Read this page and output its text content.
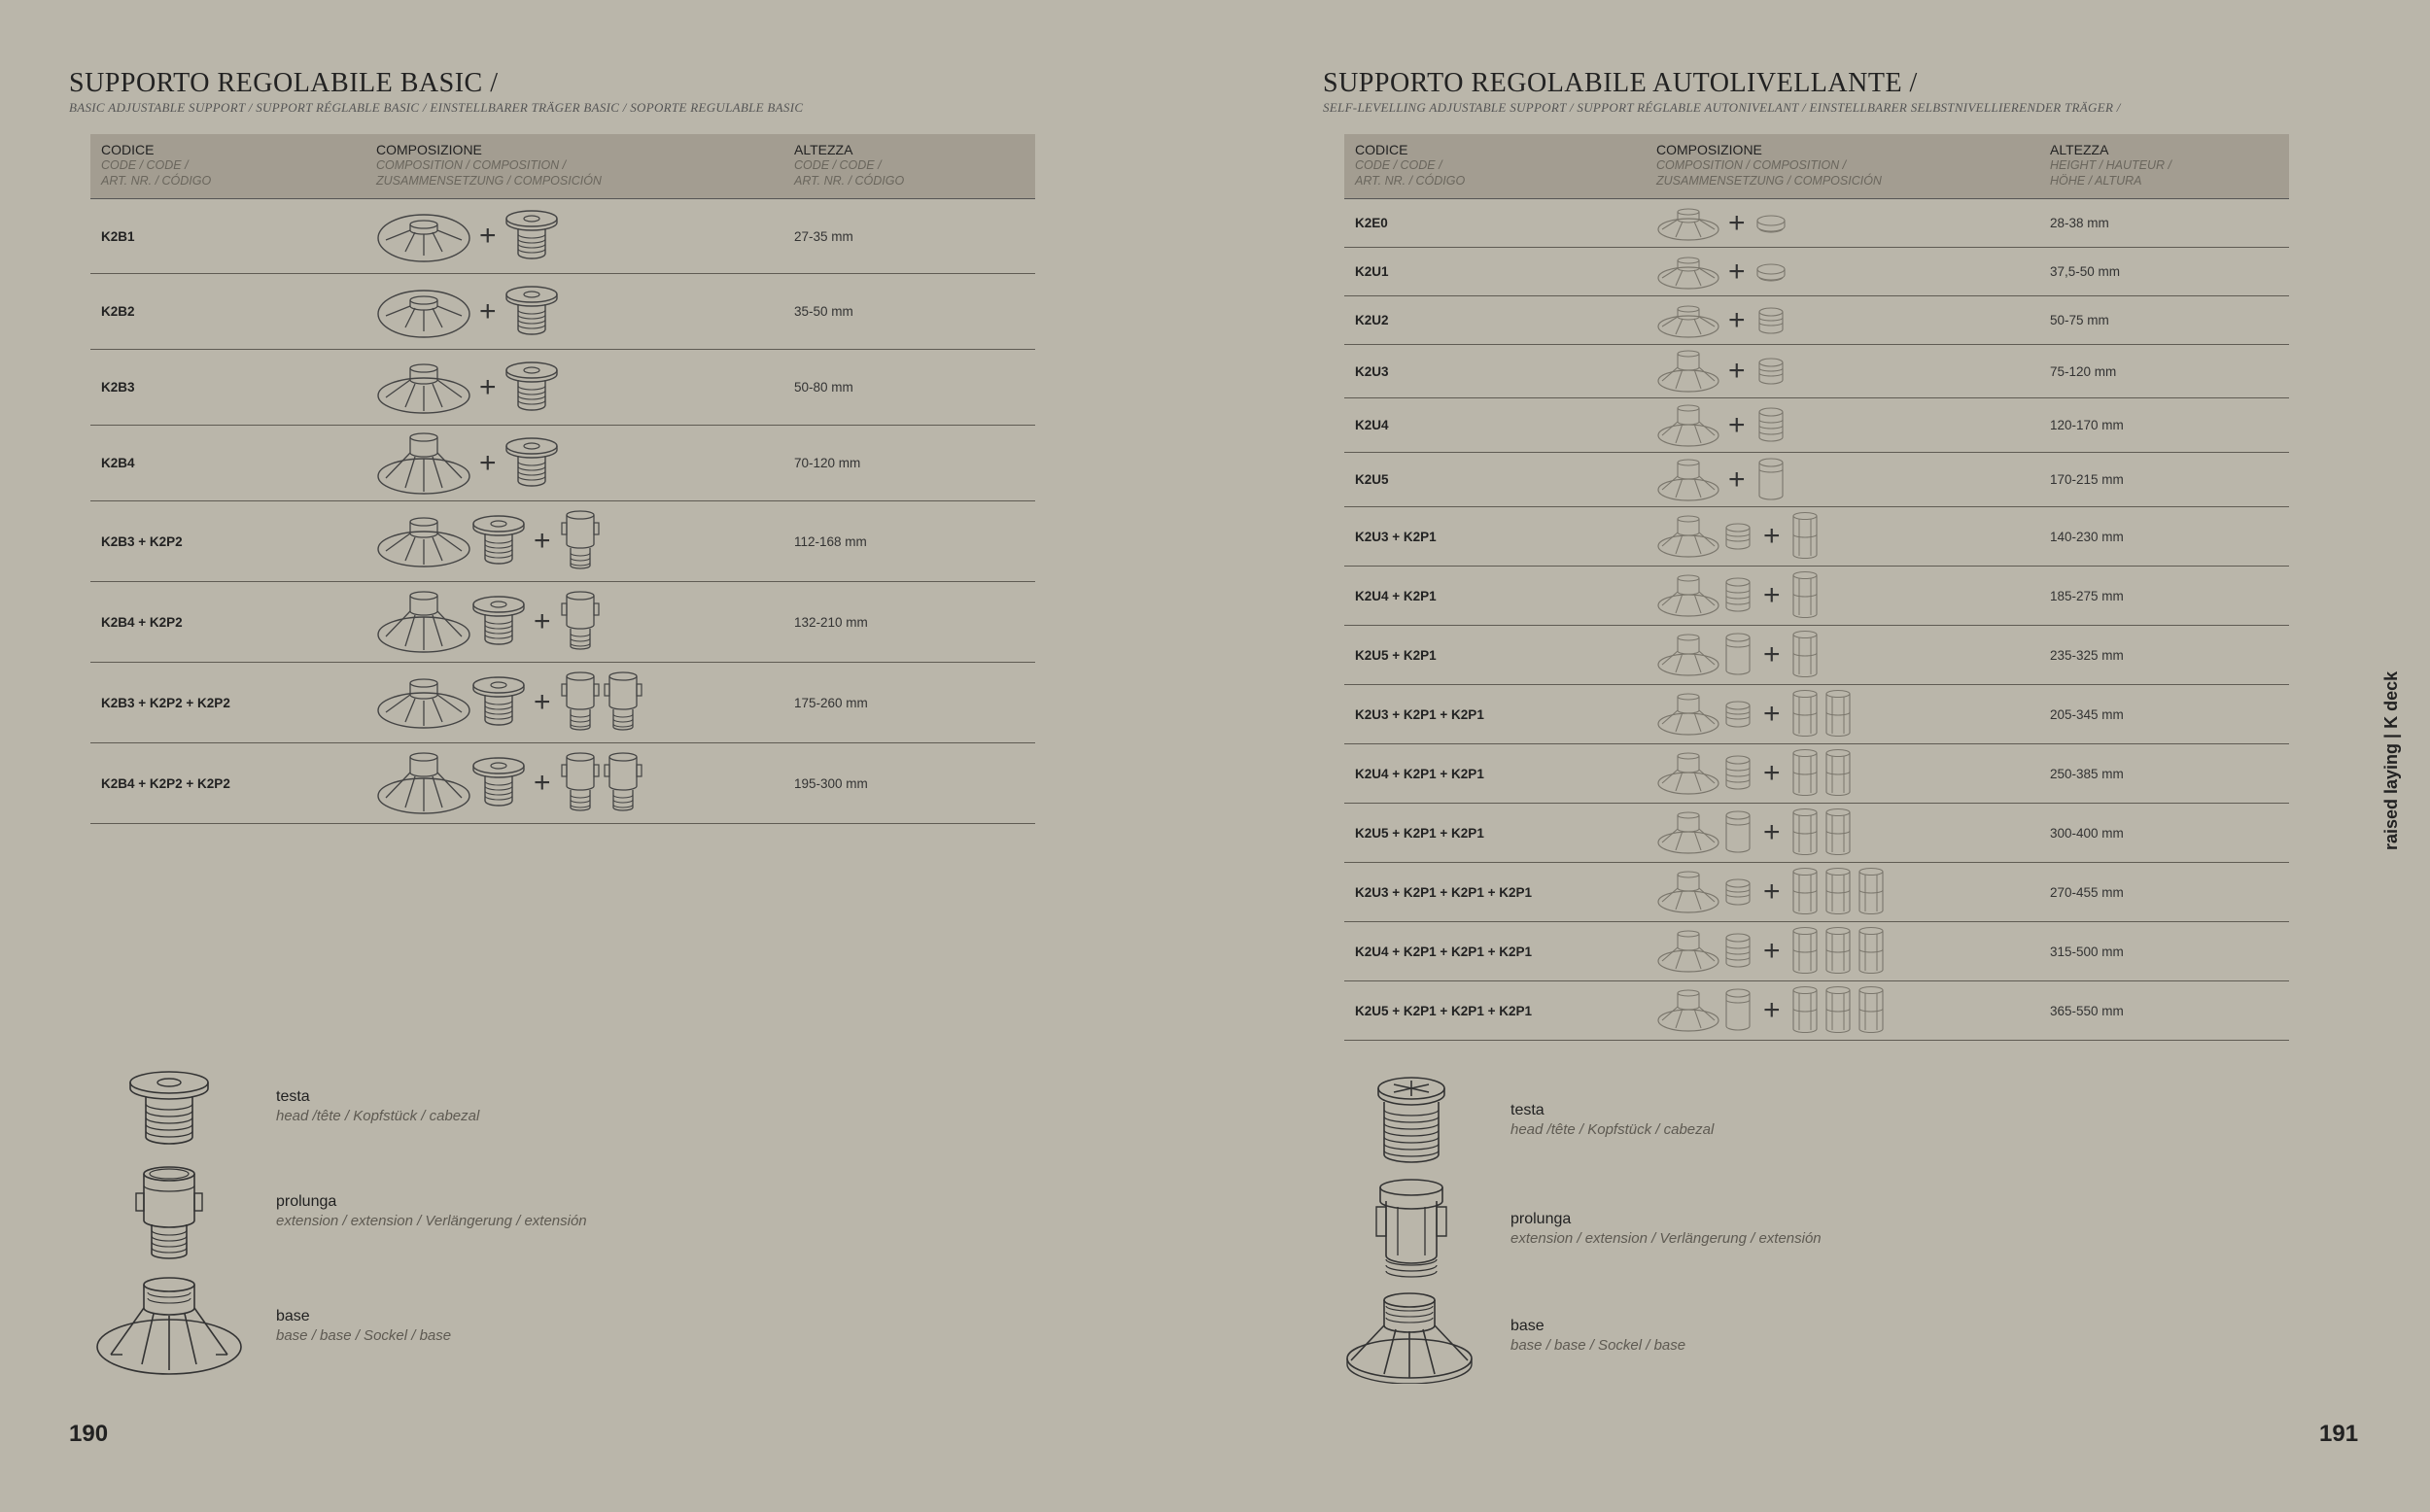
SUPPORTO REGOLABILE BASIC /
BASIC ADJUSTABLE SUPPORT / SUPPORT RÉGLABLE BASIC / EINSTELLBARER TRÄGER BASIC / SOPORTE REGULABLE BASIC
CODICE
CODE / CODE /
ART. NR. / CÓDIGO	COMPOSIZIONE
COMPOSITION / COMPOSITION /
ZUSAMMENSETZUNG / COMPOSICIÓN	ALTEZZA
CODE / CODE /
ART. NR. / CÓDIGO

K2B1	+	27-35 mm
K2B2	+	35-50 mm
K2B3	+	50-80 mm
K2B4	+	70-120 mm
K2B3 + K2P2	+	112-168 mm
K2B4 + K2P2	+	132-210 mm
K2B3 + K2P2 + K2P2	+	175-260 mm
K2B4 + K2P2 + K2P2	+	195-300 mm
testa
head /tête / Kopfstück / cabezal
prolunga
extension / extension / Verlängerung / extensión
base
base / base / Sockel / base
190
SUPPORTO REGOLABILE AUTOLIVELLANTE /
SELF-LEVELLING ADJUSTABLE SUPPORT / SUPPORT RÉGLABLE AUTONIVELANT / EINSTELLBARER SELBSTNIVELLIERENDER TRÄGER /
CODICE
CODE / CODE /
ART. NR. / CÓDIGO	COMPOSIZIONE
COMPOSITION / COMPOSITION /
ZUSAMMENSETZUNG / COMPOSICIÓN	ALTEZZA
HEIGHT / HAUTEUR /
HÖHE / ALTURA

K2E0	+	28-38 mm
K2U1	+	37,5-50 mm
K2U2	+	50-75 mm
K2U3	+	75-120 mm
K2U4	+	120-170 mm
K2U5	+	170-215 mm
K2U3 + K2P1	+	140-230 mm
K2U4 + K2P1	+	185-275 mm
K2U5 + K2P1	+	235-325 mm
K2U3 + K2P1 + K2P1	+	205-345 mm
K2U4 + K2P1 + K2P1	+	250-385 mm
K2U5 + K2P1 + K2P1	+	300-400 mm
K2U3 + K2P1 + K2P1 + K2P1	+	270-455 mm
K2U4 + K2P1 + K2P1 + K2P1	+	315-500 mm
K2U5 + K2P1 + K2P1 + K2P1	+	365-550 mm
testa
head /tête / Kopfstück / cabezal
prolunga
extension / extension / Verlängerung / extensión
base
base / base / Sockel / base
raised laying | K deck
191
